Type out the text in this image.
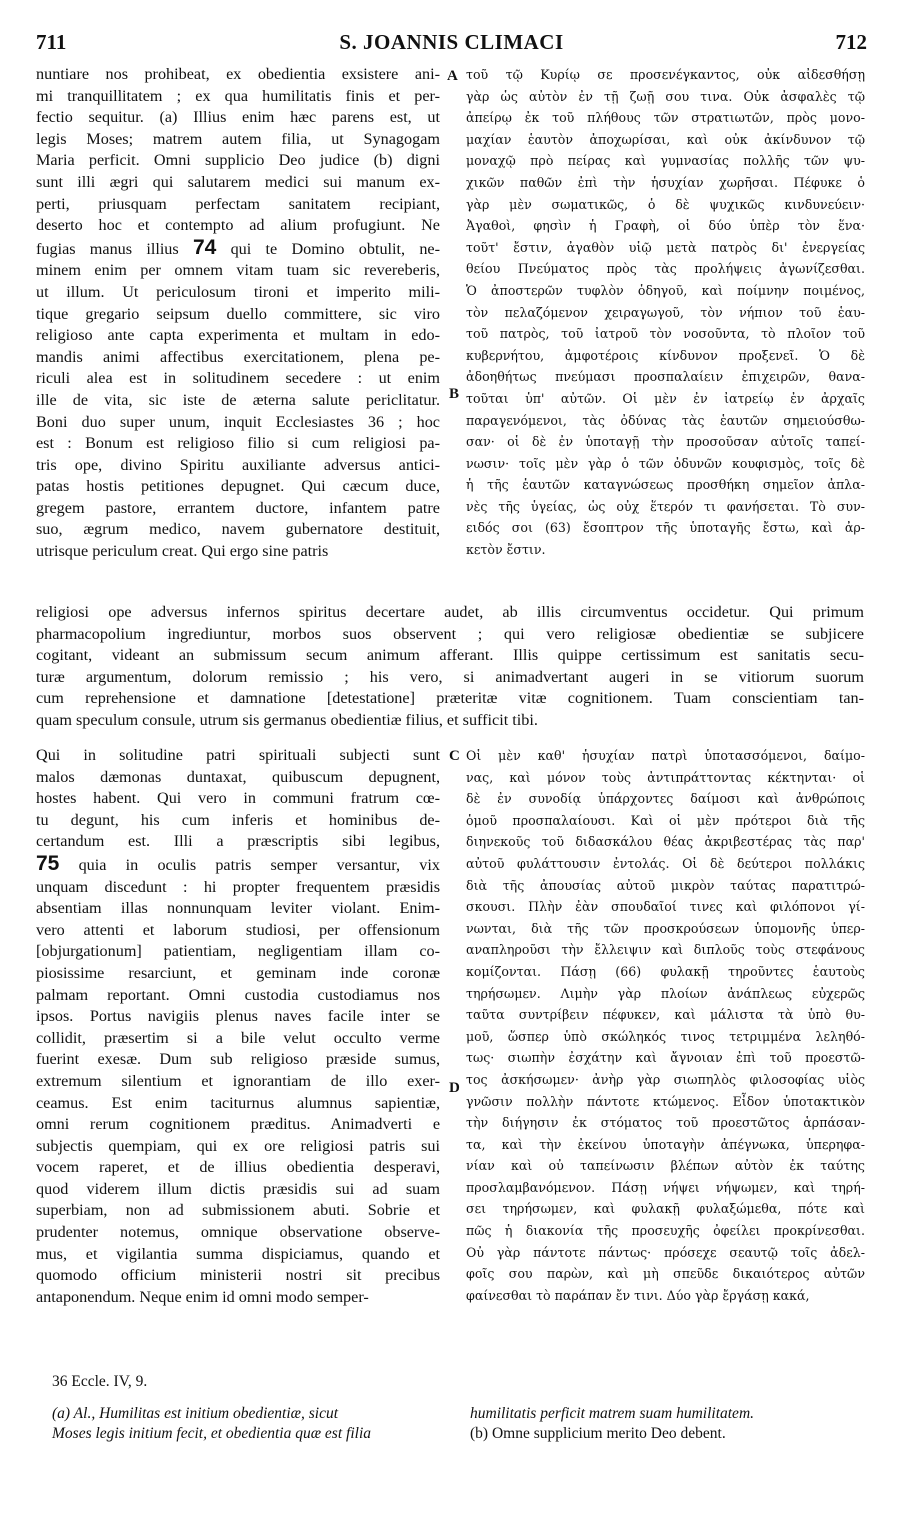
711	S. JOANNIS CLIMACI	712
nuntiare nos prohibeat, ex obedientia exsistere ani-
mi tranquillitatem ; ex qua humilitatis finis et per-
fectio sequitur. (a) Illius enim hæc parens est, ut
legis Moses; matrem autem filia, ut Synagogam
Maria perficit. Omni supplicio Deo judice (b) digni
sunt illi ægri qui salutarem medici sui manum ex-
perti, priusquam perfectam sanitatem recipiant,
deserto hoc et contempto ad alium profugiunt. Ne
fugias manus illius 74 qui te Domino obtulit, ne-
minem enim per omnem vitam tuam sic revereberis,
ut illum. Ut periculosum tironi et imperito mili-
tique gregario seipsum duello committere, sic viro
religioso ante capta experimenta et multam in edo-
mandis animi affectibus exercitationem, plena pe-
riculi alea est in solitudinem secedere : ut enim
ille de vita, sic iste de æterna salute periclitatur.
Boni duo super unum, inquit Ecclesiastes 36 ; hoc
est : Bonum est religioso filio si cum religiosi pa-
tris ope, divino Spiritu auxiliante adversus antici-
patas hostis petitiones depugnet. Qui cæcum duce,
gregem pastore, errantem ductore, infantem patre
suo, ægrum medico, navem gubernatore destituit,
utrisque periculum creat. Qui ergo sine patris
τοῦ τῷ Κυρίῳ σε προσενέγκαντος, οὐκ αἰδεσθήσῃ
γὰρ ὡς αὐτὸν ἐν τῇ ζωῇ σου τινα. Οὐκ ἀσφαλὲς τῷ
ἀπείρῳ ἐκ τοῦ πλήθους τῶν στρατιωτῶν, πρὸς μονο-
μαχίαν ἑαυτὸν ἀποχωρίσαι, καὶ οὐκ ἀκίνδυνον τῷ
μοναχῷ πρὸ πείρας καὶ γυμνασίας πολλῆς τῶν ψυ-
χικῶν παθῶν ἐπὶ τὴν ἡσυχίαν χωρῆσαι. Πέφυκε ὁ
γὰρ μὲν σωματικῶς, ὁ δὲ ψυχικῶς κινδυνεύειν·
Ἀγαθοὶ, φησὶν ἡ Γραφὴ, οἱ δύο ὑπὲρ τὸν ἕνα·
τοῦτ' ἔστιν, ἀγαθὸν υἱῷ μετὰ πατρὸς δι' ἐνεργείας
θείου Πνεύματος πρὸς τὰς προλήψεις ἀγωνίζεσθαι.
Ὁ ἀποστερῶν τυφλὸν ὁδηγοῦ, καὶ ποίμνην ποιμένος,
τὸν πελαζόμενον χειραγωγοῦ, τὸν νήπιον τοῦ ἑαυ-
τοῦ πατρὸς, τοῦ ἰατροῦ τὸν νοσοῦντα, τὸ πλοῖον τοῦ
κυβερνήτου, ἀμφοτέροις κίνδυνον προξενεῖ. Ὁ δὲ
ἀδοηθήτως πνεύμασι προσπαλαίειν ἐπιχειρῶν, θανα-
τοῦται ὑπ' αὐτῶν. Οἱ μὲν ἐν ἰατρείῳ ἐν ἀρχαῖς
παραγενόμενοι, τὰς ὀδύνας τὰς ἑαυτῶν σημειούσθω-
σαν· οἱ δὲ ἐν ὑποταγῇ τὴν προσοῦσαν αὐτοῖς ταπεί-
νωσιν· τοῖς μὲν γὰρ ὁ τῶν ὀδυνῶν κουφισμὸς, τοῖς δὲ
ἡ τῆς ἑαυτῶν καταγνώσεως προσθήκη σημεῖον ἀπλα-
νὲς τῆς ὑγείας, ὡς οὐχ ἕτερόν τι φανήσεται. Τὸ συν-
ειδός σοι (63) ἔσοπτρον τῆς ὑποταγῆς ἔστω, καὶ ἀρ-
κετὸν ἔστιν.
religiosi ope adversus infernos spiritus decertare audet, ab illis circumventus occidetur. Qui primum
pharmacopolium ingrediuntur, morbos suos observent ; qui vero religiosæ obedientiæ se subjicere
cogitant, videant an submissum secum animum afferant. Illis quippe certissimum est sanitatis secu-
turæ argumentum, dolorum remissio ; his vero, si animadvertant augeri in se vitiorum suorum
cum reprehensione et damnatione [detestatione] præteritæ vitæ cognitionem. Tuam conscientiam tan-
quam speculum consule, utrum sis germanus obedientiæ filius, et sufficit tibi.
Qui in solitudine patri spirituali subjecti sunt
malos dæmonas duntaxat, quibuscum depugnent,
hostes habent. Qui vero in communi fratrum cœ-
tu degunt, his cum inferis et hominibus de-
certandum est. Illi a præscriptis sibi legibus,
75 quia in oculis patris semper versantur, vix
unquam discedunt : hi propter frequentem præsidis
absentiam illas nonnunquam leviter violant. Enim-
vero attenti et laborum studiosi, per offensionum
[objurgationum] patientiam, negligentiam illam co-
piosissime resarciunt, et geminam inde coronæ
palmam reportant. Omni custodia custodiamus nos
ipsos. Portus navigiis plenus naves facile inter se
collidit, præsertim si a bile velut occulto verme
fuerint exesæ. Dum sub religioso præside sumus,
extremum silentium et ignorantiam de illo exer-
ceamus. Est enim taciturnus alumnus sapientiæ,
omni rerum cognitionem præditus. Animadverti e
subjectis quempiam, qui ex ore religiosi patris sui
vocem raperet, et de illius obedientia desperavi,
quod viderem illum dictis præsidis sui ad suam
superbiam, non ad submissionem abuti. Sobrie et
prudenter notemus, omnique observatione observe-
mus, et vigilantia summa dispiciamus, quando et
quomodo officium ministerii nostri sit precibus
antaponendum. Neque enim id omni modo semper-
Οἱ μὲν καθ' ἡσυχίαν πατρὶ ὑποτασσόμενοι, δαίμο-
νας, καὶ μόνον τοὺς ἀντιπράττοντας κέκτηνται· οἱ
δὲ ἐν συνοδίᾳ ὑπάρχοντες δαίμοσι καὶ ἀνθρώποις
ὁμοῦ προσπαλαίουσι. Καὶ οἱ μὲν πρότεροι διὰ τῆς
διηνεκοῦς τοῦ διδασκάλου θέας ἀκριβεστέρας τὰς παρ'
αὐτοῦ φυλάττουσιν ἐντολάς. Οἱ δὲ δεύτεροι πολλάκις
διὰ τῆς ἀπουσίας αὐτοῦ μικρὸν ταύτας παρατιτρώ-
σκουσι. Πλὴν ἐὰν σπουδαῖοί τινες καὶ φιλόπονοι γί-
νωνται, διὰ τῆς τῶν προσκρούσεων ὑπομονῆς ὑπερ-
αναπληροῦσι τὴν ἔλλειψιν καὶ διπλοῦς τοὺς στεφάνους
κομίζονται. Πάσῃ (66) φυλακῇ τηροῦντες ἑαυτοὺς
τηρήσωμεν. Λιμὴν γὰρ πλοίων ἀνάπλεως εὐχερῶς
ταῦτα συντρίβειν πέφυκεν, καὶ μάλιστα τὰ ὑπὸ θυ-
μοῦ, ὥσπερ ὑπὸ σκώληκός τινος τετριμμένα λεληθό-
τως· σιωπὴν ἐσχάτην καὶ ἄγνοιαν ἐπὶ τοῦ προεστῶ-
τος ἀσκήσωμεν· ἀνὴρ γὰρ σιωπηλὸς φιλοσοφίας υἱὸς
γνῶσιν πολλὴν πάντοτε κτώμενος. Εἶδον ὑποτακτικὸν
τὴν διήγησιν ἐκ στόματος τοῦ προεστῶτος ἁρπάσαν-
τα, καὶ τὴν ἐκείνου ὑποταγὴν ἀπέγνωκα, ὑπερηφα-
νίαν καὶ οὐ ταπείνωσιν βλέπων αὐτὸν ἐκ ταύτης
προσλαμβανόμενον. Πάσῃ νήψει νήψωμεν, καὶ τηρή-
σει τηρήσωμεν, καὶ φυλακῇ φυλαξώμεθα, πότε καὶ
πῶς ἡ διακονία τῆς προσευχῆς ὀφείλει προκρίνεσθαι.
Οὐ γὰρ πάντοτε πάντως· πρόσεχε σεαυτῷ τοῖς ἀδελ-
φοῖς σου παρὼν, καὶ μὴ σπεῦδε δικαιότερος αὐτῶν
φαίνεσθαι τὸ παράπαν ἔν τινι. Δύο γὰρ ἔργάσῃ κακά,
A
B
C
D
36 Eccle. IV, 9.
(a) Al., Humilitas est initium obedientiæ, sicut
Moses legis initium fecit, et obedientia quæ est filia
humilitatis perficit matrem suam humilitatem.
(b) Omne supplicium merito Deo debent.
